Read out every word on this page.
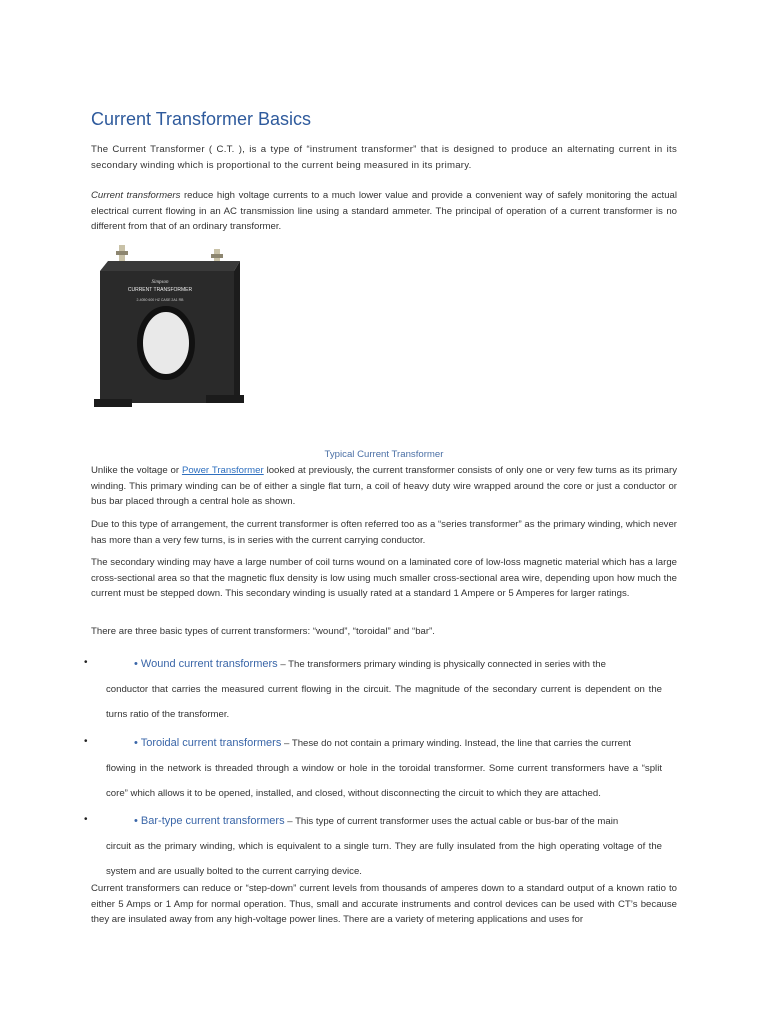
Current Transformer Basics

The Current Transformer ( C.T. ), is a type of “instrument transformer” that is designed to produce an alternating current in its secondary winding which is proportional to the current being measured in its primary.

Current transformers reduce high voltage currents to a much lower value and provide a convenient way of safely monitoring the actual electrical current flowing in an AC transmission line using a standard ammeter. The principal of operation of a current transformer is no different from that of an ordinary transformer.

Simpson
CURRENT TRANSFORMER
2-4050 600 HZ CASE 2A1 RB
Typical Current Transformer

Unlike the voltage or Power Transformer looked at previously, the current transformer consists of only one or very few turns as its primary winding. This primary winding can be of either a single flat turn, a coil of heavy duty wire wrapped around the core or just a conductor or bus bar placed through a central hole as shown.

Due to this type of arrangement, the current transformer is often referred too as a “series transformer” as the primary winding, which never has more than a very few turns, is in series with the current carrying conductor.

The secondary winding may have a large number of coil turns wound on a laminated core of low-loss magnetic material which has a large cross-sectional area so that the magnetic flux density is low using much smaller cross-sectional area wire, depending upon how much the current must be stepped down. This secondary winding is usually rated at a standard 1 Ampere or 5 Amperes for larger ratings.

There are three basic types of current transformers: “wound”, “toroidal” and “bar”.

•	• Wound current transformers – The transformers primary winding is physically connected in series with the

conductor that carries the measured current flowing in the circuit. The magnitude of the secondary current is dependent on the turns ratio of the transformer.

•	• Toroidal current transformers – These do not contain a primary winding. Instead, the line that carries the current

flowing in the network is threaded through a window or hole in the toroidal transformer. Some current transformers have a “split core” which allows it to be opened, installed, and closed, without disconnecting the circuit to which they are attached.

•	• Bar-type current transformers – This type of current transformer uses the actual cable or bus-bar of the main

circuit as the primary winding, which is equivalent to a single turn. They are fully insulated from the high operating voltage of the system and are usually bolted to the current carrying device.

Current transformers can reduce or “step-down” current levels from thousands of amperes down to a standard output of a known ratio to either 5 Amps or 1 Amp for normal operation. Thus, small and accurate instruments and control devices can be used with CT’s because they are insulated away from any high-voltage power lines. There are a variety of metering applications and uses for
